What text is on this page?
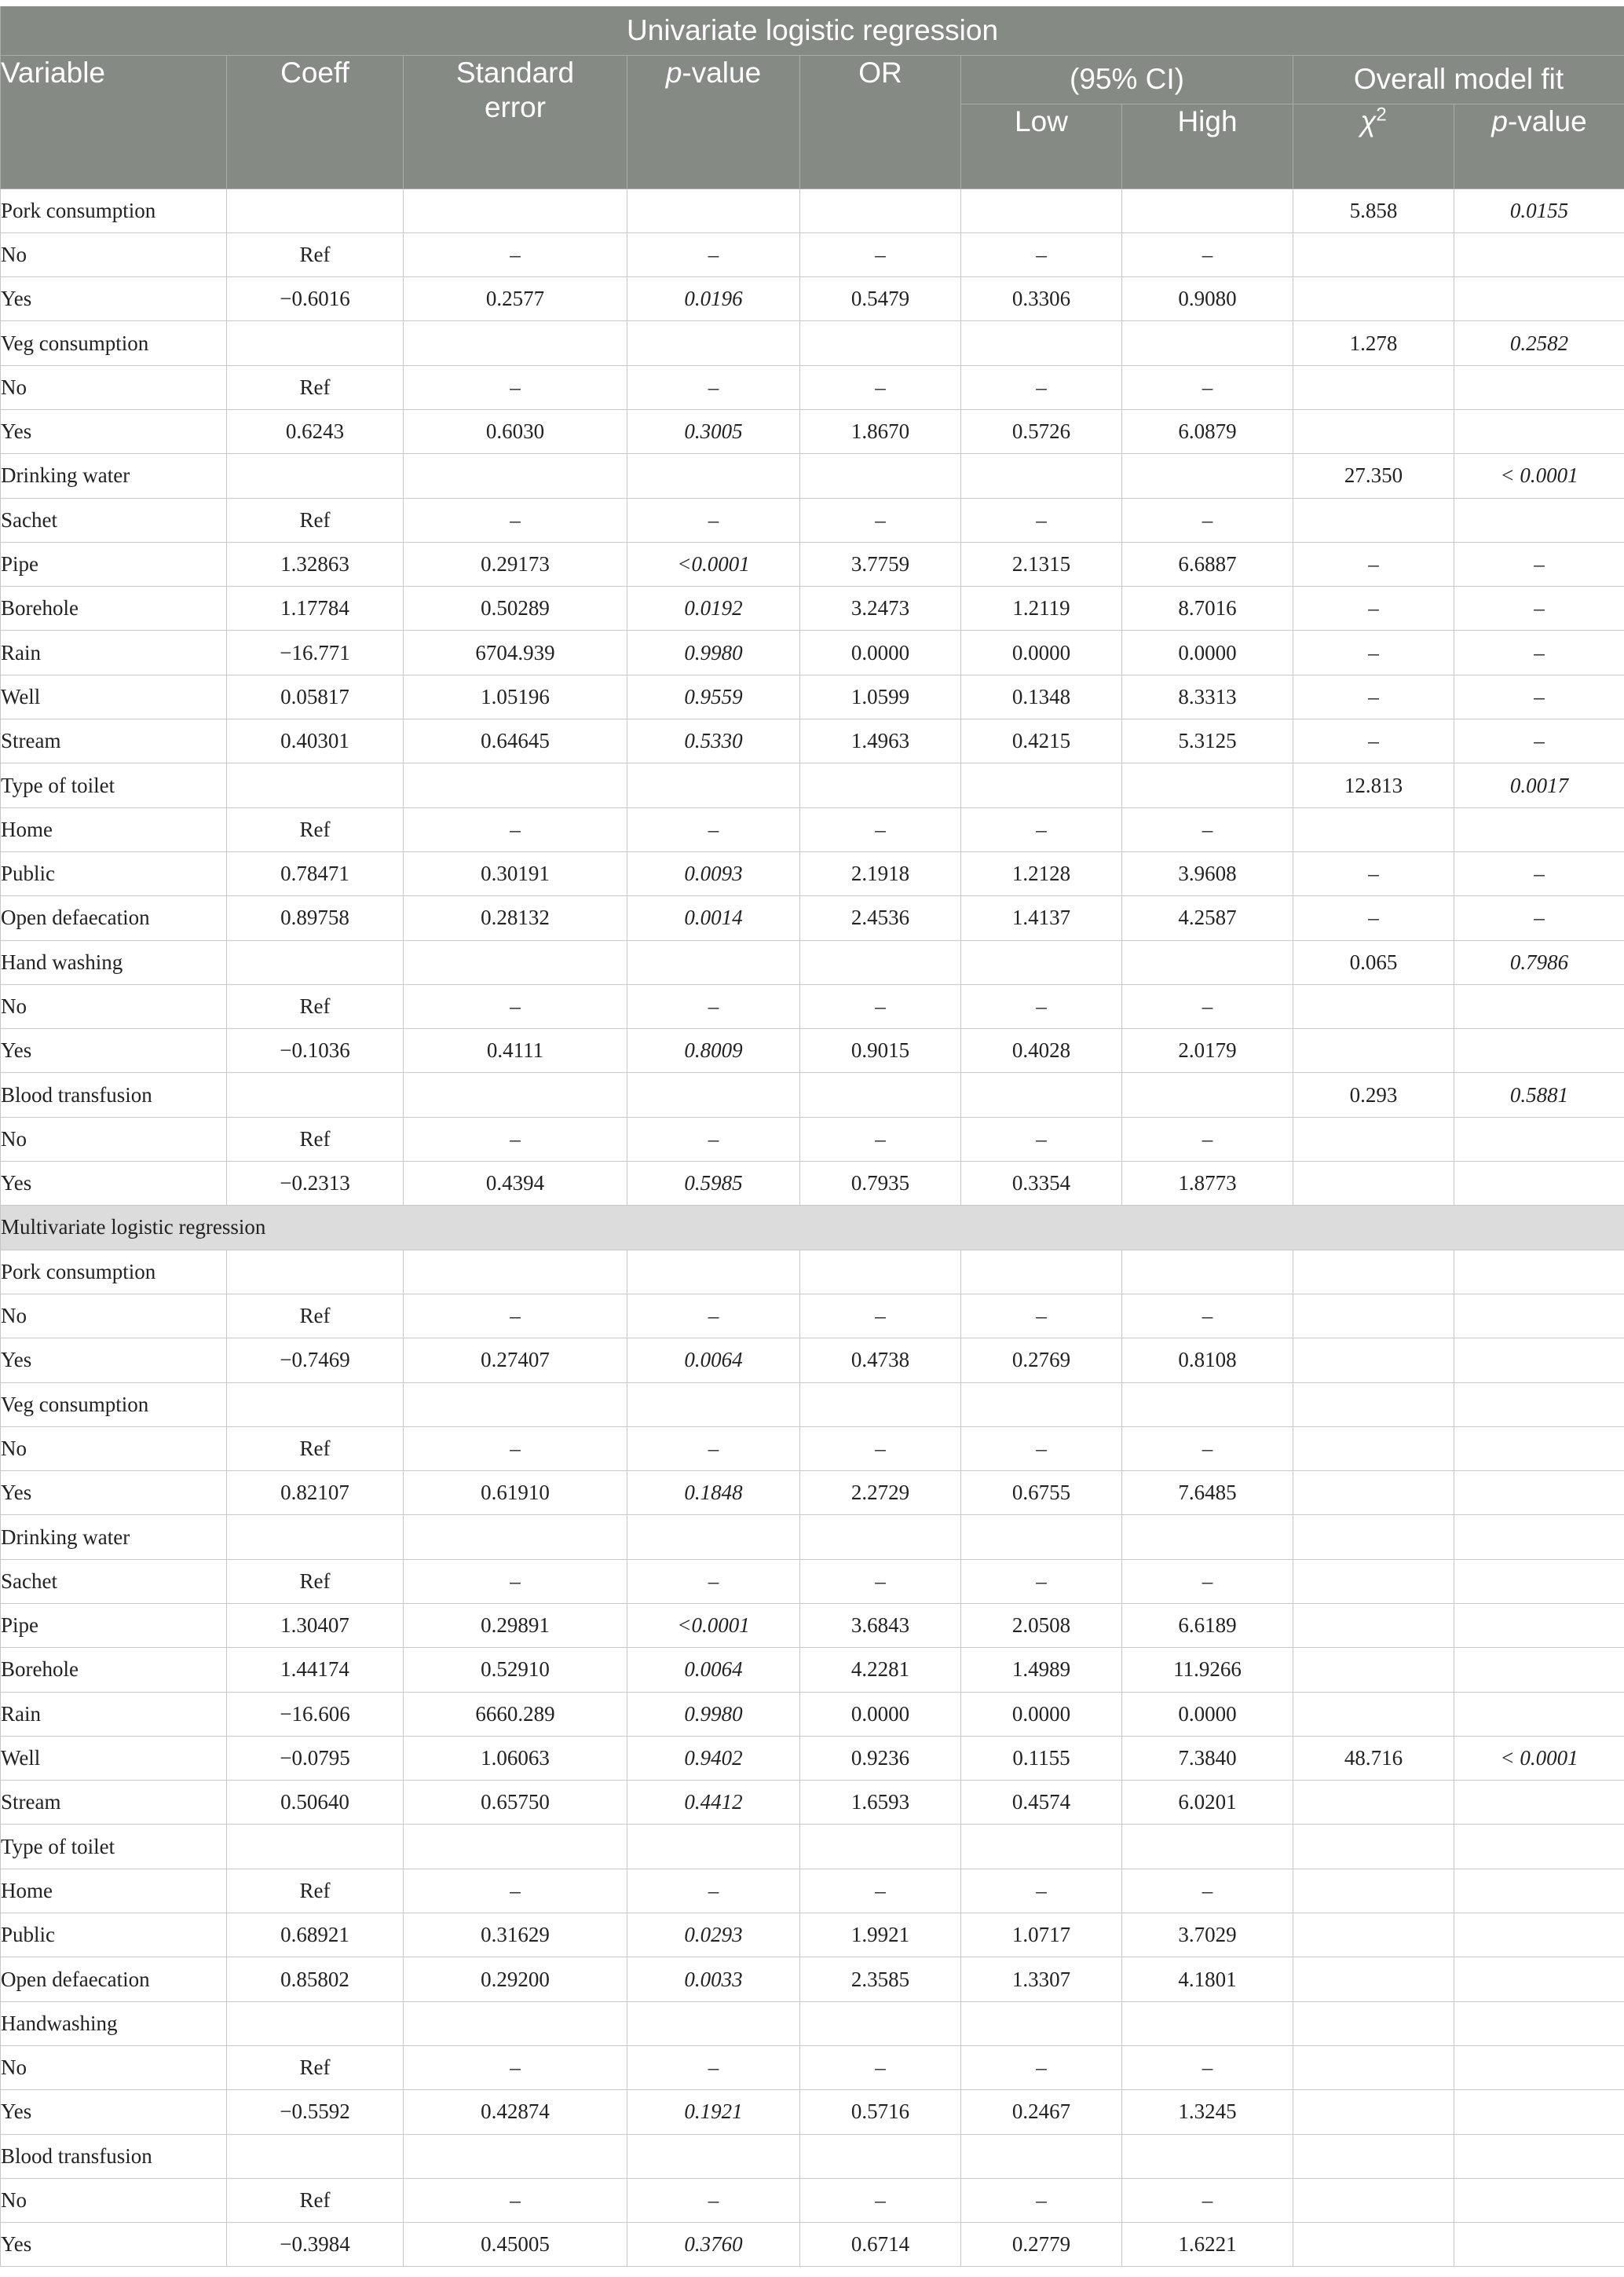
Univariate logistic regression								
Variable	Coeff	Standard error	p-value	OR	(95% CI)		Overall model fit	
					Low	High	$\chi^2$	p-value
Pork consumption							5.858	0.0155
No	Ref	–	–	–	–	–		
Yes	−0.6016	0.2577	0.0196	0.5479	0.3306	0.9080		
Veg consumption							1.278	0.2582
No	Ref	–	–	–	–	–		
Yes	0.6243	0.6030	0.3005	1.8670	0.5726	6.0879		
Drinking water							27.350	< 0.0001
Sachet	Ref	–	–	–	–	–		
Pipe	1.32863	0.29173	<0.0001	3.7759	2.1315	6.6887	–	–
Borehole	1.17784	0.50289	0.0192	3.2473	1.2119	8.7016	–	–
Rain	−16.771	6704.939	0.9980	0.0000	0.0000	0.0000	–	–
Well	0.05817	1.05196	0.9559	1.0599	0.1348	8.3313	–	–
Stream	0.40301	0.64645	0.5330	1.4963	0.4215	5.3125	–	–
Type of toilet							12.813	0.0017
Home	Ref	–	–	–	–	–		
Public	0.78471	0.30191	0.0093	2.1918	1.2128	3.9608	–	–
Open defaecation	0.89758	0.28132	0.0014	2.4536	1.4137	4.2587	–	–
Hand washing							0.065	0.7986
No	Ref	–	–	–	–	–		
Yes	−0.1036	0.4111	0.8009	0.9015	0.4028	2.0179		
Blood transfusion							0.293	0.5881
No	Ref	–	–	–	–	–		
Yes	−0.2313	0.4394	0.5985	0.7935	0.3354	1.8773		
Multivariate logistic regression								
Pork consumption								
No	Ref	–	–	–	–	–		
Yes	−0.7469	0.27407	0.0064	0.4738	0.2769	0.8108		
Veg consumption								
No	Ref	–	–	–	–	–		
Yes	0.82107	0.61910	0.1848	2.2729	0.6755	7.6485		
Drinking water								
Sachet	Ref	–	–	–	–	–		
Pipe	1.30407	0.29891	<0.0001	3.6843	2.0508	6.6189		
Borehole	1.44174	0.52910	0.0064	4.2281	1.4989	11.9266		
Rain	−16.606	6660.289	0.9980	0.0000	0.0000	0.0000		
Well	−0.0795	1.06063	0.9402	0.9236	0.1155	7.3840	48.716	< 0.0001
Stream	0.50640	0.65750	0.4412	1.6593	0.4574	6.0201		
Type of toilet								
Home	Ref	–	–	–	–	–		
Public	0.68921	0.31629	0.0293	1.9921	1.0717	3.7029		
Open defaecation	0.85802	0.29200	0.0033	2.3585	1.3307	4.1801		
Handwashing								
No	Ref	–	–	–	–	–		
Yes	−0.5592	0.42874	0.1921	0.5716	0.2467	1.3245		
Blood transfusion								
No	Ref	–	–	–	–	–		
Yes	−0.3984	0.45005	0.3760	0.6714	0.2779	1.6221		
